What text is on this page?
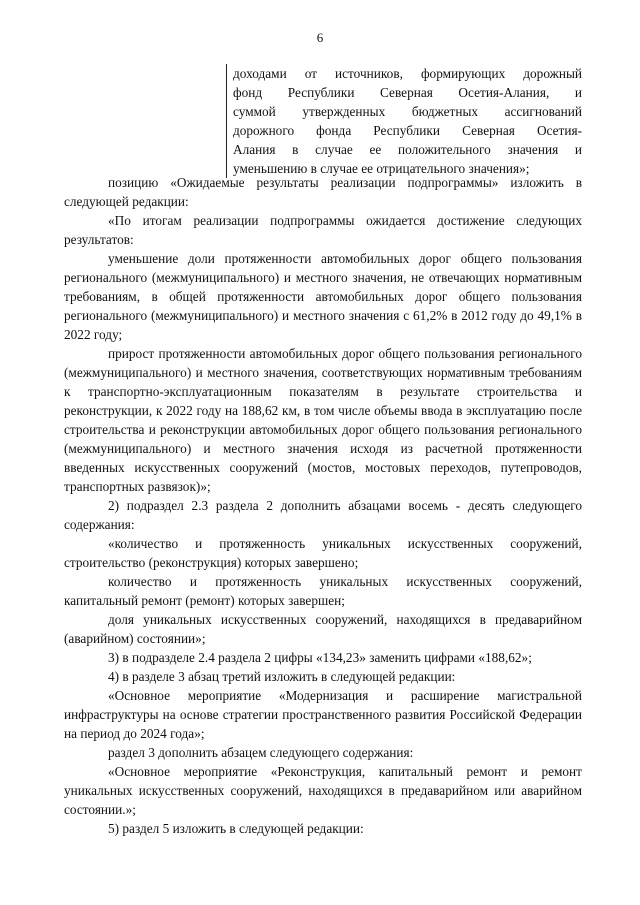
6

доходами от источников, формирующих дорожный

фонд Республики Северная Осетия-Алания, и

суммой утвержденных бюджетных ассигнований

дорожного фонда Республики Северная Осетия-

Алания в случае ее положительного значения и

уменьшению в случае ее отрицательного значения»;

позицию «Ожидаемые результаты реализации подпрограммы» изложить в следующей редакции:

«По итогам реализации подпрограммы ожидается достижение следующих результатов:

уменьшение доли протяженности автомобильных дорог общего пользования регионального (межмуниципального) и местного значения, не отвечающих нормативным требованиям, в общей протяженности автомобильных дорог общего пользования регионального (межмуниципального) и местного значения с 61,2% в 2012 году до 49,1% в 2022 году;

прирост протяженности автомобильных дорог общего пользования регионального (межмуниципального) и местного значения, соответствующих нормативным требованиям к транспортно-эксплуатационным показателям в результате строительства и реконструкции, к 2022 году на 188,62 км, в том числе объемы ввода в эксплуатацию после строительства и реконструкции автомобильных дорог общего пользования регионального (межмуниципального) и местного значения исходя из расчетной протяженности введенных искусственных сооружений (мостов, мостовых переходов, путепроводов, транспортных развязок)»;

2) подраздел 2.3 раздела 2 дополнить абзацами восемь - десять следующего содержания:

«количество и протяженность уникальных искусственных сооружений, строительство (реконструкция) которых завершено;

количество и протяженность уникальных искусственных сооружений, капитальный ремонт (ремонт) которых завершен;

доля уникальных искусственных сооружений, находящихся в предаварийном (аварийном) состоянии»;

3) в подразделе 2.4 раздела 2 цифры «134,23» заменить цифрами «188,62»;

4) в разделе 3 абзац третий изложить в следующей редакции:

«Основное мероприятие «Модернизация и расширение магистральной инфраструктуры на основе стратегии пространственного развития Российской Федерации на период до 2024 года»;

раздел 3 дополнить абзацем следующего содержания:

«Основное мероприятие «Реконструкция, капитальный ремонт и ремонт уникальных искусственных сооружений, находящихся в предаварийном или аварийном состоянии.»;

5) раздел 5 изложить в следующей редакции:
